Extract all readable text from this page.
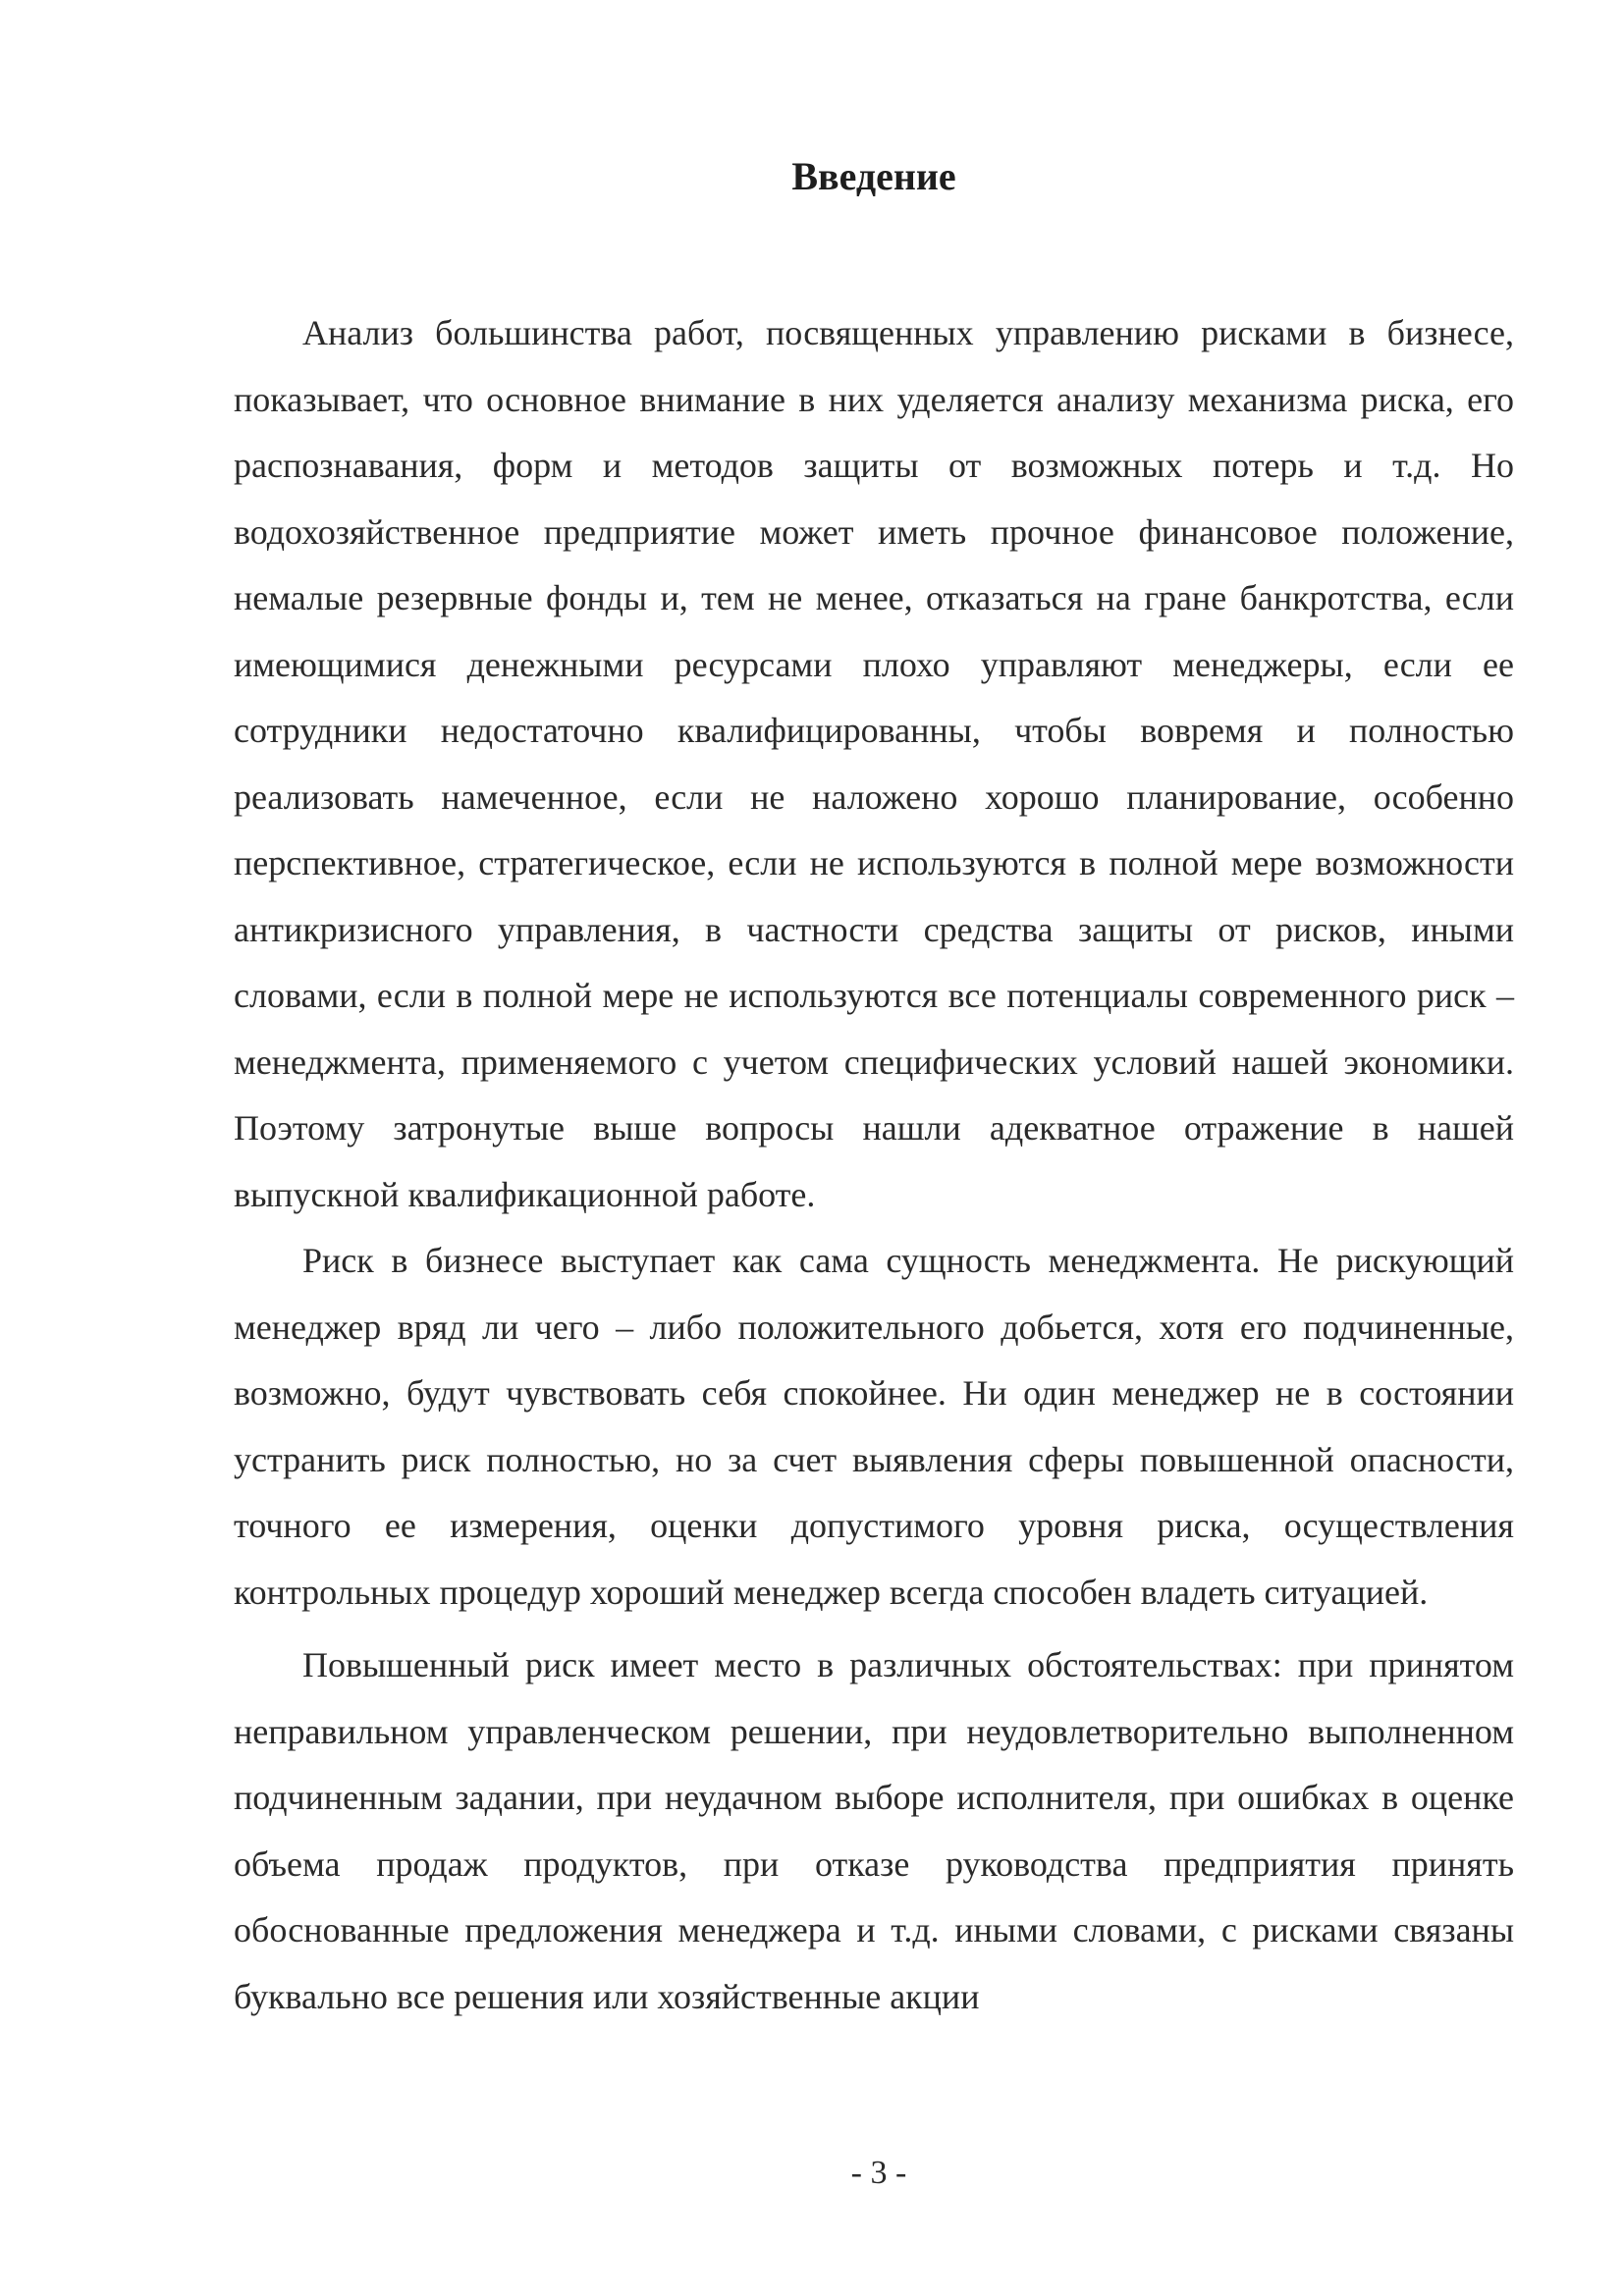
Введение

Анализ большинства работ, посвященных управлению рисками в бизнесе, показывает, что основное внимание в них уделяется анализу механизма риска, его распознавания, форм и методов защиты от возможных потерь и т.д. Но водохозяйственное предприятие может иметь прочное финансовое положение, немалые резервные фонды и, тем не менее, отказаться на гране банкротства, если имеющимися денежными ресурсами плохо управляют менеджеры, если ее сотрудники недостаточно квалифицированны, чтобы вовремя и полностью реализовать намеченное, если не наложено хорошо планирование, особенно перспективное, стратегическое, если не используются в полной мере возможности антикризисного управления, в частности средства защиты от рисков, иными словами, если в полной мере не используются все потенциалы современного риск – менеджмента, применяемого с учетом специфических условий нашей экономики. Поэтому затронутые выше вопросы нашли адекватное отражение в нашей выпускной квалификационной работе.

Риск в бизнесе выступает как сама сущность менеджмента. Не рискующий менеджер вряд ли чего – либо положительного добьется, хотя его подчиненные, возможно, будут чувствовать себя спокойнее. Ни один менеджер не в состоянии устранить риск полностью, но за счет выявления сферы повышенной опасности, точного ее измерения, оценки допустимого уровня риска, осуществления контрольных процедур хороший менеджер всегда способен владеть ситуацией.

Повышенный риск имеет место в различных обстоятельствах: при принятом неправильном управленческом решении, при неудовлетворительно выполненном подчиненным задании, при неудачном выборе исполнителя, при ошибках в оценке объема продаж продуктов, при отказе руководства предприятия принять обоснованные предложения менеджера и т.д. иными словами, с рисками связаны буквально все решения или хозяйственные акции

- 3 -
